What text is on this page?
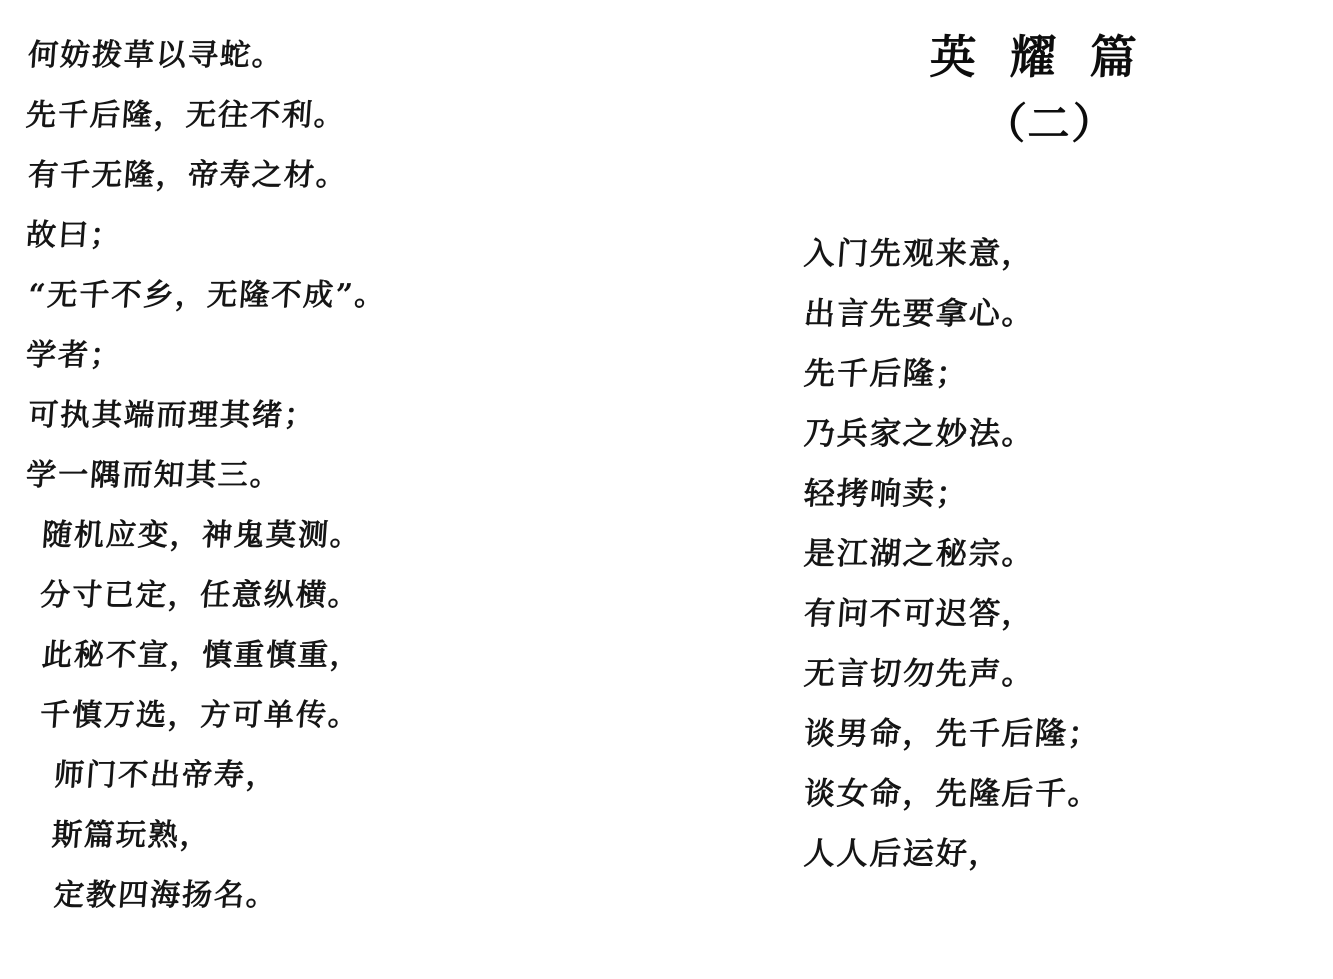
何妨拨草以寻蛇。
先千后隆，无往不利。
有千无隆，帝寿之材。
故曰；
“无千不乡，无隆不成”。
学者；
可执其端而理其绪；
学一隅而知其三。
随机应变，神鬼莫测。
分寸已定，任意纵横。
此秘不宣，慎重慎重，
千慎万选，方可单传。
师门不出帝寿，
斯篇玩熟，
定教四海扬名。
英耀篇
（二）
入门先观来意，
出言先要拿心。
先千后隆；
乃兵家之妙法。
轻拷响卖；
是江湖之秘宗。
有问不可迟答，
无言切勿先声。
谈男命，先千后隆；
谈女命，先隆后千。
人人后运好，
